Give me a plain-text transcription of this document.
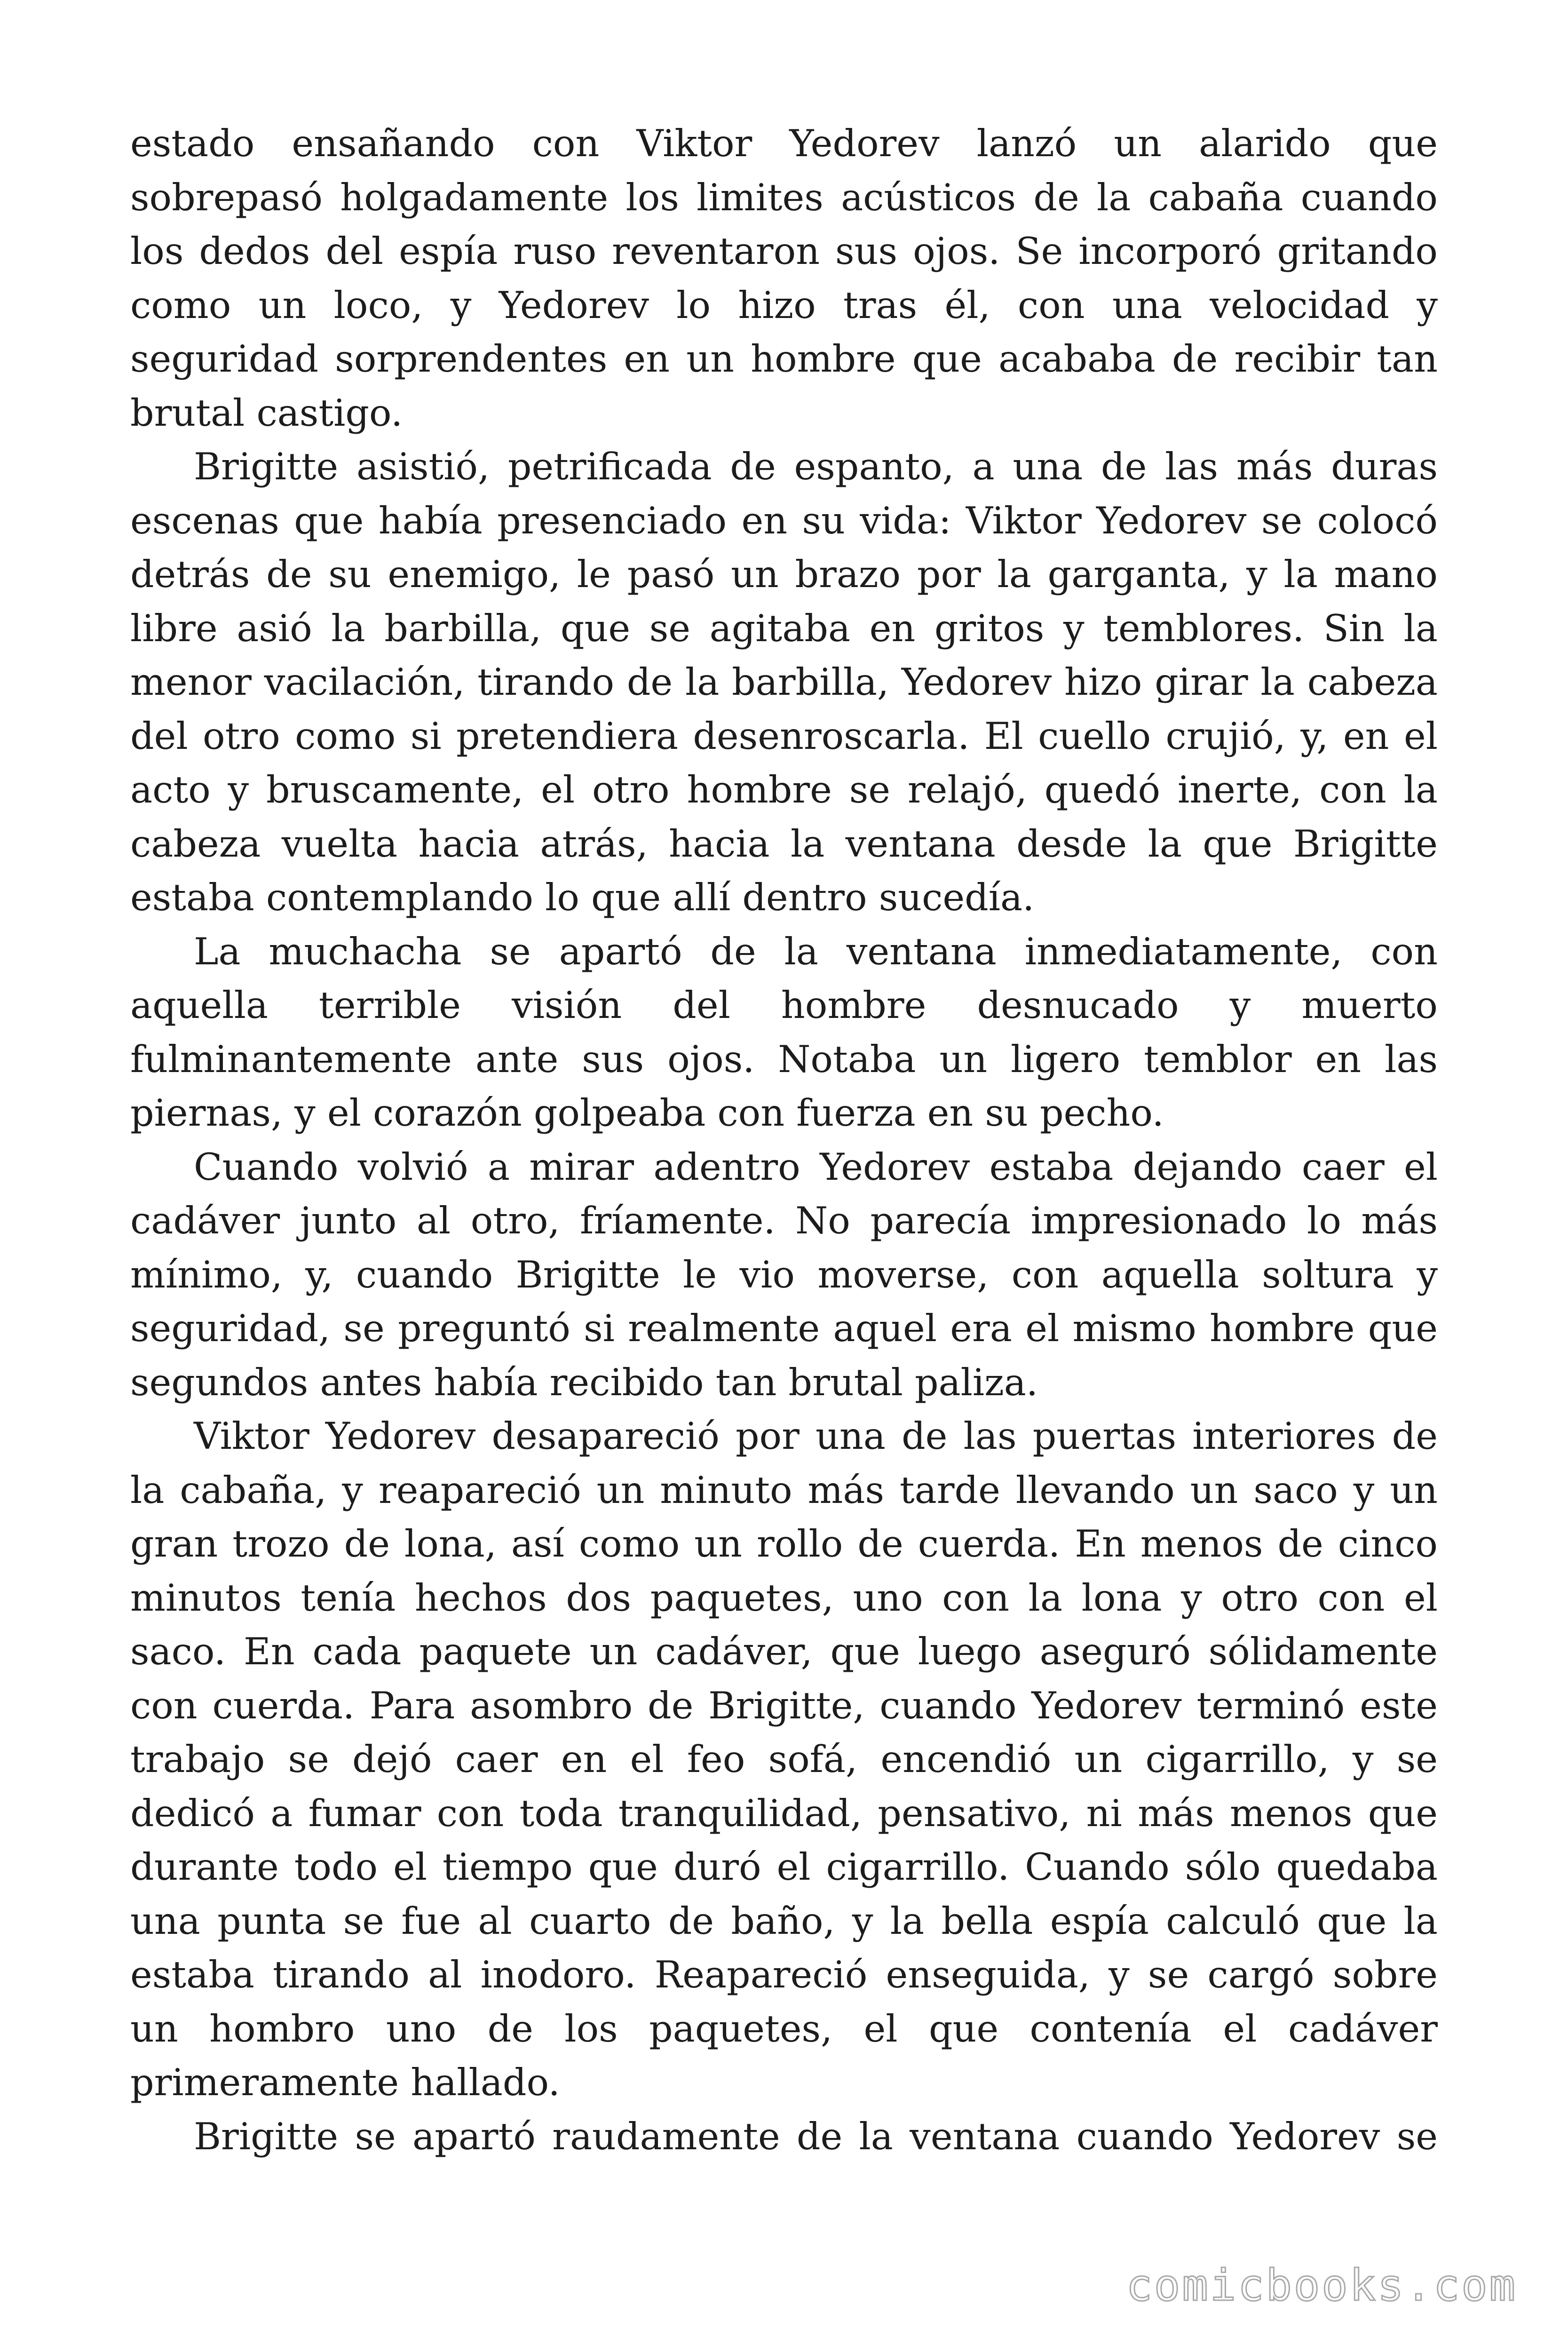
estado ensañando con Viktor Yedorev lanzó un alarido que sobrepasó holgadamente los limites acústicos de la cabaña cuando los dedos del espía ruso reventaron sus ojos. Se incorporó gritando como un loco, y Yedorev lo hizo tras él, con una velocidad y seguridad sorprendentes en un hombre que acababa de recibir tan brutal castigo.

Brigitte asistió, petrificada de espanto, a una de las más duras escenas que había presenciado en su vida: Viktor Yedorev se colocó detrás de su enemigo, le pasó un brazo por la garganta, y la mano libre asió la barbilla, que se agitaba en gritos y temblores. Sin la menor vacilación, tirando de la barbilla, Yedorev hizo girar la cabeza del otro como si pretendiera desenroscarla. El cuello crujió, y, en el acto y bruscamente, el otro hombre se relajó, quedó inerte, con la cabeza vuelta hacia atrás, hacia la ventana desde la que Brigitte estaba contemplando lo que allí dentro sucedía.

La muchacha se apartó de la ventana inmediatamente, con aquella terrible visión del hombre desnucado y muerto fulminantemente ante sus ojos. Notaba un ligero temblor en las piernas, y el corazón golpeaba con fuerza en su pecho.

Cuando volvió a mirar adentro Yedorev estaba dejando caer el cadáver junto al otro, fríamente. No parecía impresionado lo más mínimo, y, cuando Brigitte le vio moverse, con aquella soltura y seguridad, se preguntó si realmente aquel era el mismo hombre que segundos antes había recibido tan brutal paliza.

Viktor Yedorev desapareció por una de las puertas interiores de la cabaña, y reapareció un minuto más tarde llevando un saco y un gran trozo de lona, así como un rollo de cuerda. En menos de cinco minutos tenía hechos dos paquetes, uno con la lona y otro con el saco. En cada paquete un cadáver, que luego aseguró sólidamente con cuerda. Para asombro de Brigitte, cuando Yedorev terminó este trabajo se dejó caer en el feo sofá, encendió un cigarrillo, y se dedicó a fumar con toda tranquilidad, pensativo, ni más menos que durante todo el tiempo que duró el cigarrillo. Cuando sólo quedaba una punta se fue al cuarto de baño, y la bella espía calculó que la estaba tirando al inodoro. Reapareció enseguida, y se cargó sobre un hombro uno de los paquetes, el que contenía el cadáver primeramente hallado.

Brigitte se apartó raudamente de la ventana cuando Yedorev se

comicbooks.com
